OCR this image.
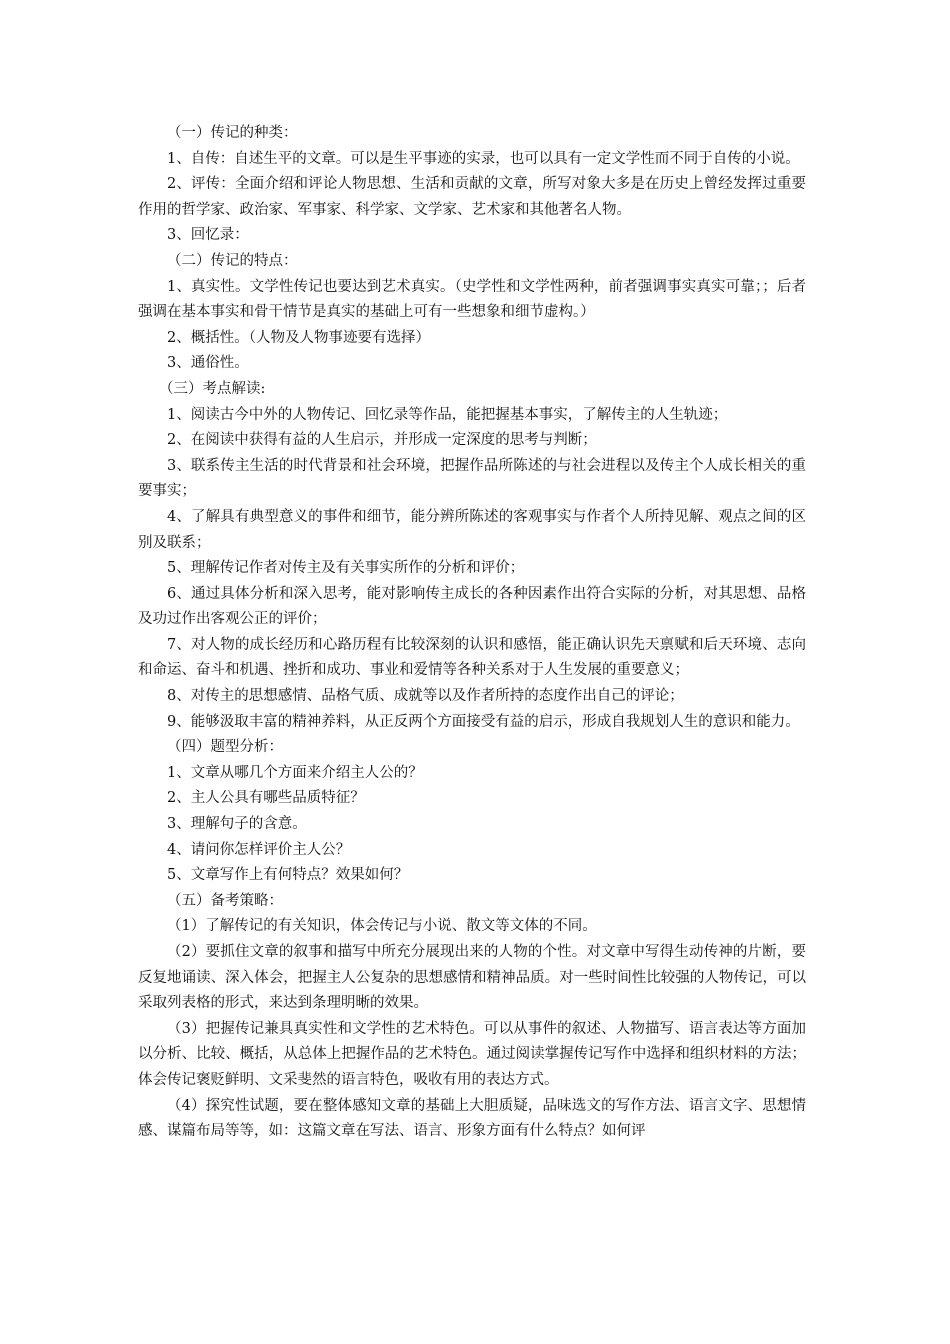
（一）传记的种类：

1、自传：自述生平的文章。可以是生平事迹的实录，也可以具有一定文学性而不同于自传的小说。

2、评传：全面介绍和评论人物思想、生活和贡献的文章，所写对象大多是在历史上曾经发挥过重要作用的哲学家、政治家、军事家、科学家、文学家、艺术家和其他著名人物。

3、回忆录：

（二）传记的特点：

1、真实性。文学性传记也要达到艺术真实。（史学性和文学性两种，前者强调事实真实可靠；；后者强调在基本事实和骨干情节是真实的基础上可有一些想象和细节虚构。）

2、概括性。（人物及人物事迹要有选择）

3、通俗性。

（三）考点解读:

1、阅读古今中外的人物传记、回忆录等作品，能把握基本事实，了解传主的人生轨迹；

2、在阅读中获得有益的人生启示，并形成一定深度的思考与判断；

3、联系传主生活的时代背景和社会环境，把握作品所陈述的与社会进程以及传主个人成长相关的重要事实；

4、了解具有典型意义的事件和细节，能分辨所陈述的客观事实与作者个人所持见解、观点之间的区别及联系；

5、理解传记作者对传主及有关事实所作的分析和评价；

6、通过具体分析和深入思考，能对影响传主成长的各种因素作出符合实际的分析，对其思想、品格及功过作出客观公正的评价；

7、对人物的成长经历和心路历程有比较深刻的认识和感悟，能正确认识先天禀赋和后天环境、志向和命运、奋斗和机遇、挫折和成功、事业和爱情等各种关系对于人生发展的重要意义；

8、对传主的思想感情、品格气质、成就等以及作者所持的态度作出自己的评论；

9、能够汲取丰富的精神养料，从正反两个方面接受有益的启示，形成自我规划人生的意识和能力。

（四）题型分析：

1、文章从哪几个方面来介绍主人公的？

2、主人公具有哪些品质特征？

3、理解句子的含意。

4、请问你怎样评价主人公？

5、文章写作上有何特点？效果如何？

（五）备考策略：

（1）了解传记的有关知识，体会传记与小说、散文等文体的不同。

（2）要抓住文章的叙事和描写中所充分展现出来的人物的个性。对文章中写得生动传神的片断，要反复地诵读、深入体会，把握主人公复杂的思想感情和精神品质。对一些时间性比较强的人物传记，可以采取列表格的形式，来达到条理明晰的效果。

（3）把握传记兼具真实性和文学性的艺术特色。可以从事件的叙述、人物描写、语言表达等方面加以分析、比较、概括，从总体上把握作品的艺术特色。通过阅读掌握传记写作中选择和组织材料的方法；体会传记褒贬鲜明、文采斐然的语言特色，吸收有用的表达方式。

（4）探究性试题，要在整体感知文章的基础上大胆质疑，品味选文的写作方法、语言文字、思想情感、谋篇布局等等，如：这篇文章在写法、语言、形象方面有什么特点？如何评
